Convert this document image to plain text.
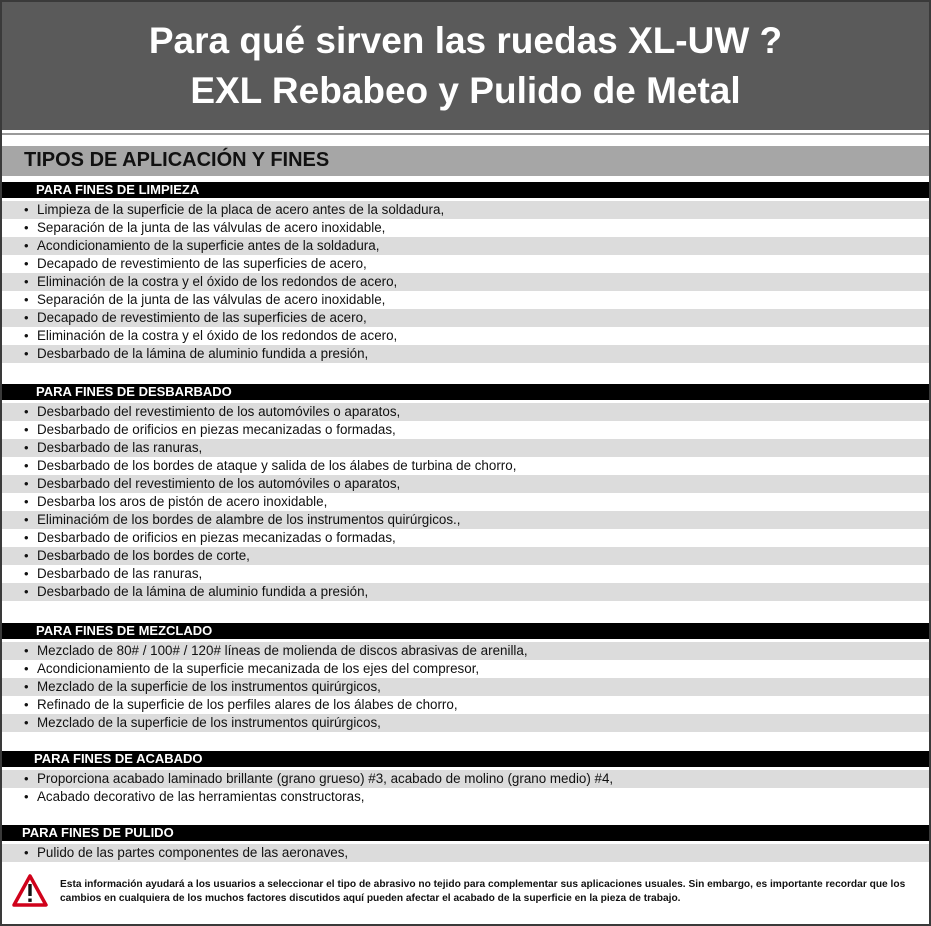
Para qué sirven las ruedas XL-UW ?
EXL Rebabeo y Pulido de Metal
TIPOS DE APLICACIÓN Y FINES
PARA FINES DE LIMPIEZA
• Limpieza de la superficie de la placa de acero antes de la soldadura,
• Separación de la junta de las válvulas de acero inoxidable,
• Acondicionamiento de la superficie antes de la soldadura,
• Decapado de revestimiento de las superficies de acero,
• Eliminación de la costra y el óxido de los redondos de acero,
• Separación de la junta de las válvulas de acero inoxidable,
• Decapado de revestimiento de las superficies de acero,
• Eliminación de la costra y el óxido de los redondos de acero,
• Desbarbado de la lámina de aluminio fundida a presión,
PARA FINES DE DESBARBADO
• Desbarbado del revestimiento de los automóviles o aparatos,
• Desbarbado de orificios en piezas mecanizadas o formadas,
• Desbarbado de las ranuras,
• Desbarbado de los bordes de ataque y salida de los álabes de turbina de chorro,
• Desbarbado del revestimiento de los automóviles o aparatos,
• Desbarba los aros de pistón de acero inoxidable,
• Eliminacióm de los bordes de alambre de los instrumentos quirúrgicos.,
• Desbarbado de orificios en piezas mecanizadas o formadas,
• Desbarbado de los bordes de corte,
• Desbarbado de las ranuras,
• Desbarbado de la lámina de aluminio fundida a presión,
PARA FINES DE MEZCLADO
• Mezclado de 80# / 100# / 120# líneas de molienda de discos abrasivas de arenilla,
• Acondicionamiento de la superficie mecanizada de los ejes del compresor,
• Mezclado de la superficie de los instrumentos quirúrgicos,
• Refinado de la superficie de los perfiles alares de los álabes de chorro,
• Mezclado de la superficie de los instrumentos quirúrgicos,
PARA FINES DE ACABADO
• Proporciona acabado laminado brillante (grano grueso) #3, acabado de molino (grano medio) #4,
• Acabado decorativo de las herramientas constructoras,
PARA FINES DE PULIDO
• Pulido de las partes componentes de las aeronaves,
Esta información ayudará a los usuarios a seleccionar el tipo de abrasivo no tejido para complementar sus aplicaciones usuales. Sin embargo, es importante recordar que los cambios en cualquiera de los muchos factores discutidos aquí pueden afectar el acabado de la superficie en la pieza de trabajo.
